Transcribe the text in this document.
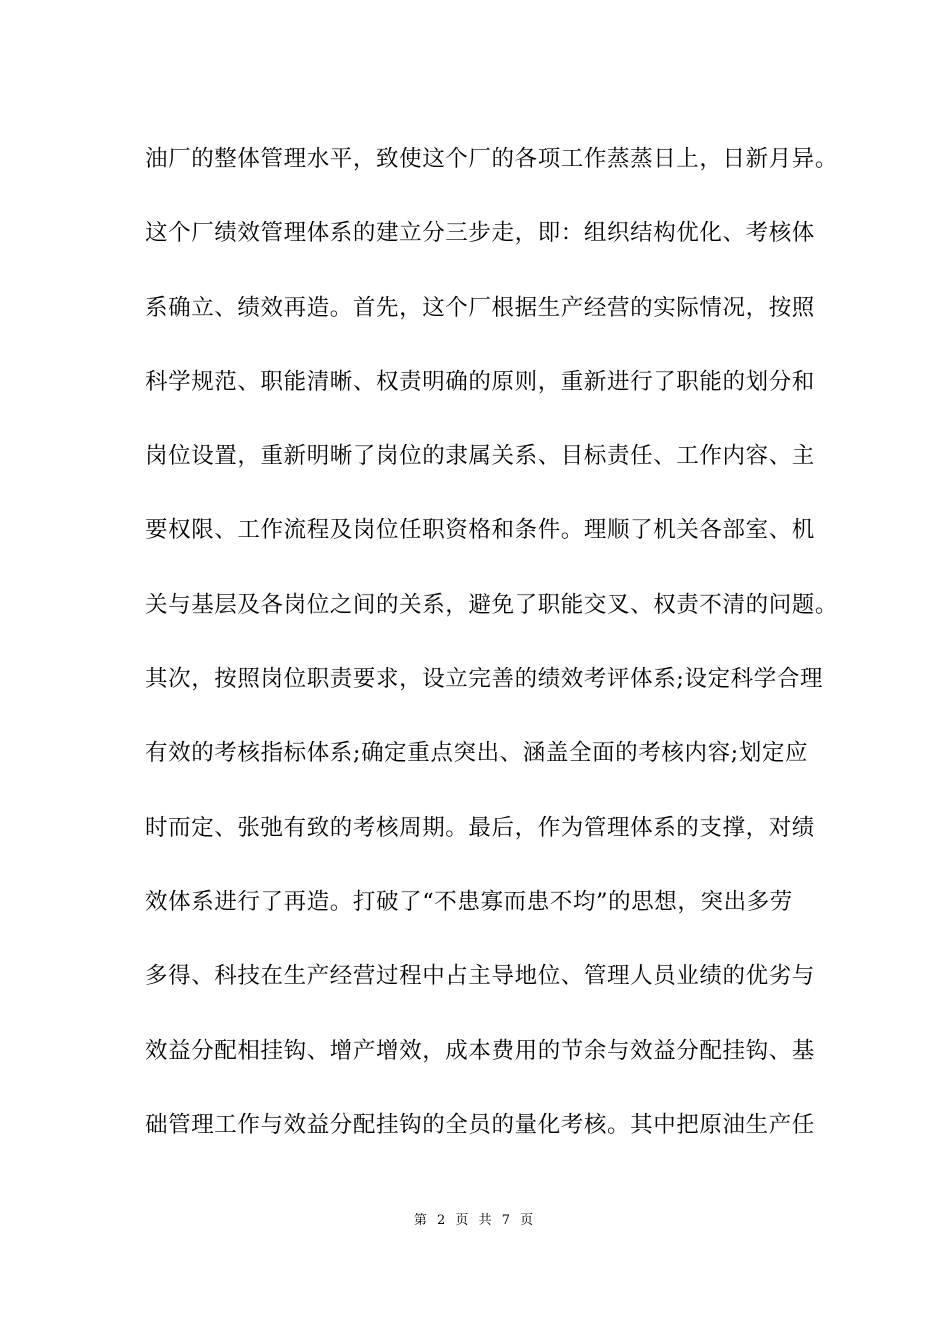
油厂的整体管理水平，致使这个厂的各项工作蒸蒸日上，日新月异。
这个厂绩效管理体系的建立分三步走，即：组织结构优化、考核体
系确立、绩效再造。首先，这个厂根据生产经营的实际情况，按照
科学规范、职能清晰、权责明确的原则，重新进行了职能的划分和
岗位设置，重新明晰了岗位的隶属关系、目标责任、工作内容、主
要权限、工作流程及岗位任职资格和条件。理顺了机关各部室、机
关与基层及各岗位之间的关系，避免了职能交叉、权责不清的问题。
其次，按照岗位职责要求，设立完善的绩效考评体系;设定科学合理
有效的考核指标体系;确定重点突出、涵盖全面的考核内容;划定应
时而定、张弛有致的考核周期。最后，作为管理体系的支撑，对绩
效体系进行了再造。打破了“不患寡而患不均”的思想，突出多劳
多得、科技在生产经营过程中占主导地位、管理人员业绩的优劣与
效益分配相挂钩、增产增效，成本费用的节余与效益分配挂钩、基
础管理工作与效益分配挂钩的全员的量化考核。其中把原油生产任
第 2 页 共 7 页
